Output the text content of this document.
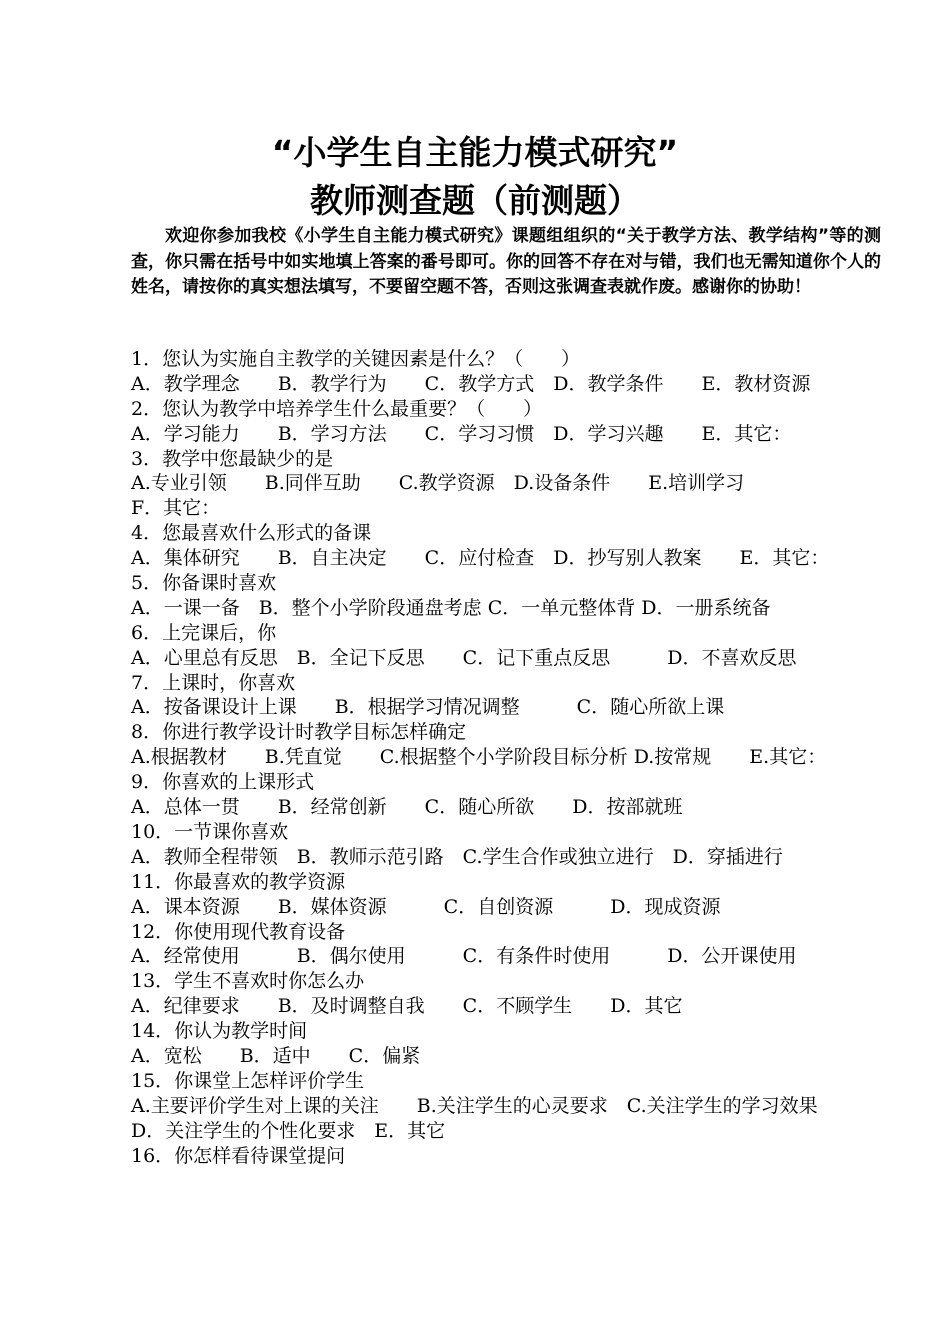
“小学生自主能力模式研究”
教师测查题（前测题）
欢迎你参加我校《小学生自主能力模式研究》课题组组织的“关于教学方法、教学结构”等的测查，你只需在括号中如实地填上答案的番号即可。你的回答不存在对与错，我们也无需知道你个人的姓名，请按你的真实想法填写，不要留空题不答，否则这张调查表就作废。感谢你的协助！
1．您认为实施自主教学的关键因素是什么？（　　）
A．教学理念　　B．教学行为　　C．教学方式　D．教学条件　　E．教材资源
2．您认为教学中培养学生什么最重要？（　　）
A．学习能力　　B．学习方法　　C．学习习惯　D．学习兴趣　　E．其它：
3．教学中您最缺少的是
A.专业引领　　B.同伴互助　　C.教学资源　D.设备条件　　E.培训学习
F．其它：
4．您最喜欢什么形式的备课
A．集体研究　　B．自主决定　　C．应付检查　D．抄写别人教案　　E．其它：
5．你备课时喜欢
A．一课一备　B．整个小学阶段通盘考虑 C．一单元整体背 D．一册系统备
6．上完课后，你
A．心里总有反思　B．全记下反思　　C．记下重点反思　　　D．不喜欢反思
7．上课时，你喜欢
A．按备课设计上课　　B．根据学习情况调整　　　C．随心所欲上课
8．你进行教学设计时教学目标怎样确定
A.根据教材　　B.凭直觉　　C.根据整个小学阶段目标分析 D.按常规　　E.其它：
9．你喜欢的上课形式
A．总体一贯　　B．经常创新　　C．随心所欲　　D．按部就班
10．一节课你喜欢
A．教师全程带领　B．教师示范引路　C.学生合作或独立进行　D．穿插进行
11．你最喜欢的教学资源
A．课本资源　　B．媒体资源　　　C．自创资源　　　D．现成资源
12．你使用现代教育设备
A．经常使用　　　B．偶尔使用　　　C．有条件时使用　　　D．公开课使用
13．学生不喜欢时你怎么办
A．纪律要求　　B．及时调整自我　　C．不顾学生　　D．其它
14．你认为教学时间
A．宽松　　B．适中　　C．偏紧
15．你课堂上怎样评价学生
A.主要评价学生对上课的关注　　B.关注学生的心灵要求　C.关注学生的学习效果　　　　D．关注学生的个性化要求　E．其它
16．你怎样看待课堂提问
